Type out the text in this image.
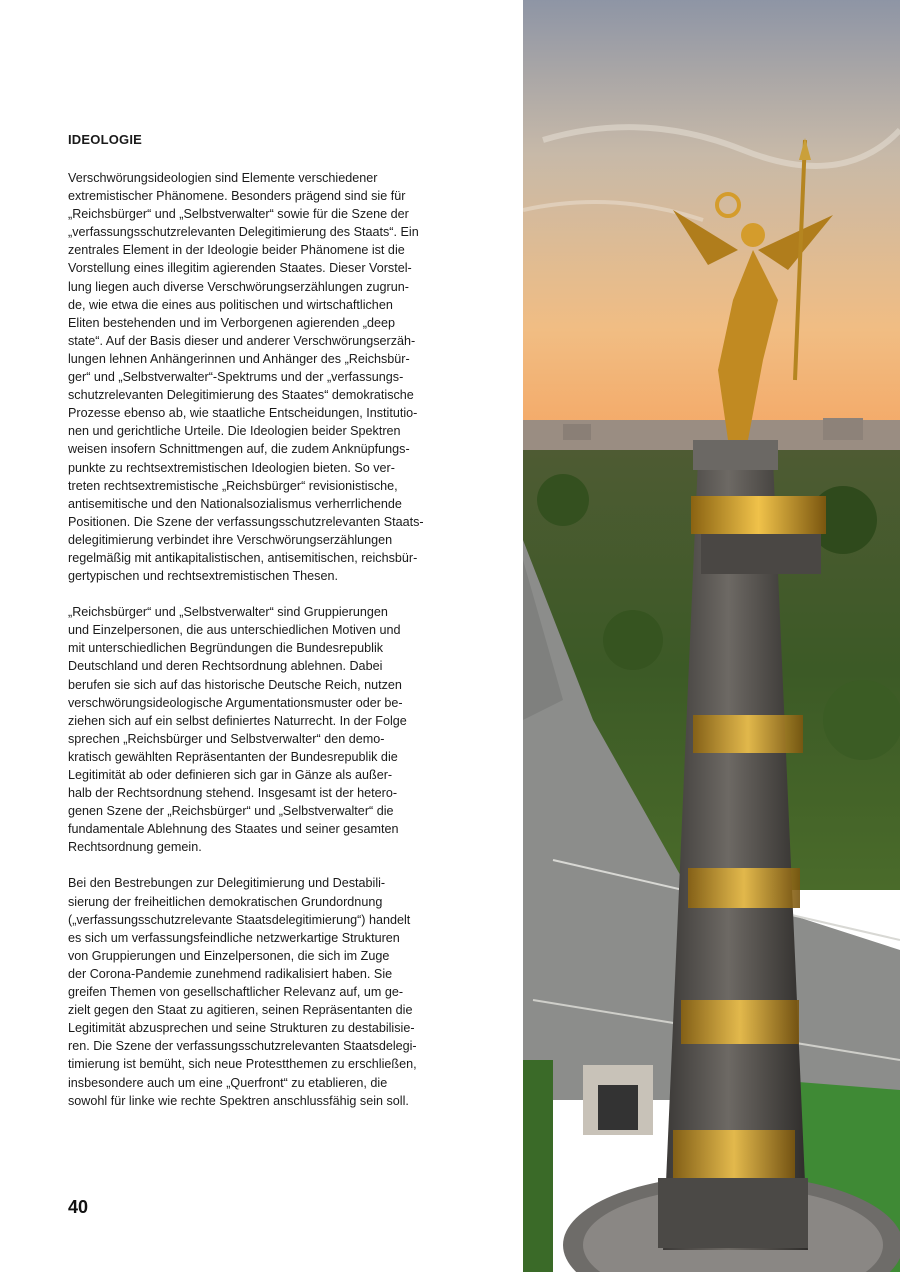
IDEOLOGIE
Verschwörungsideologien sind Elemente verschiedener
extremistischer Phänomene. Besonders prägend sind sie für
„Reichsbürger“ und „Selbstverwalter“ sowie für die Szene der
„verfassungsschutzrelevanten Delegitimierung des Staats“. Ein
zentrales Element in der Ideologie beider Phänomene ist die
Vorstellung eines illegitim agierenden Staates. Dieser Vorstel-
lung liegen auch diverse Verschwörungserzählungen zugrun-
de, wie etwa die eines aus politischen und wirtschaftlichen
Eliten bestehenden und im Verborgenen agierenden „deep
state“. Auf der Basis dieser und anderer Verschwörungserzäh-
lungen lehnen Anhängerinnen und Anhänger des „Reichsbür-
ger“ und „Selbstverwalter“-Spektrums und der „verfassungs-
schutzrelevanten Delegitimierung des Staates“ demokratische
Prozesse ebenso ab, wie staatliche Entscheidungen, Institutio-
nen und gerichtliche Urteile. Die Ideologien beider Spektren
weisen insofern Schnittmengen auf, die zudem Anknüpfungs-
punkte zu rechtsextremistischen Ideologien bieten. So ver-
treten rechtsextremistische „Reichsbürger“ revisionistische,
antisemitische und den Nationalsozialismus verherrlichende
Positionen. Die Szene der verfassungsschutzrelevanten Staats-
delegitimierung verbindet ihre Verschwörungserzählungen
regelmäßig mit antikapitalistischen, antisemitischen, reichsbür-
gertypischen und rechtsextremistischen Thesen.
„Reichsbürger“ und „Selbstverwalter“ sind Gruppierungen
und Einzelpersonen, die aus unterschiedlichen Motiven und
mit unterschiedlichen Begründungen die Bundesrepublik
Deutschland und deren Rechtsordnung ablehnen. Dabei
berufen sie sich auf das historische Deutsche Reich, nutzen
verschwörungsideologische Argumentationsmuster oder be-
ziehen sich auf ein selbst definiertes Naturrecht. In der Folge
sprechen „Reichsbürger und Selbstverwalter“ den demo-
kratisch gewählten Repräsentanten der Bundesrepublik die
Legitimität ab oder definieren sich gar in Gänze als außer-
halb der Rechtsordnung stehend. Insgesamt ist der hetero-
genen Szene der „Reichsbürger“ und „Selbstverwalter“ die
fundamentale Ablehnung des Staates und seiner gesamten
Rechtsordnung gemein.
Bei den Bestrebungen zur Delegitimierung und Destabili-
sierung der freiheitlichen demokratischen Grundordnung
(„verfassungsschutzrelevante Staatsdelegitimierung“) handelt
es sich um verfassungsfeindliche netzwerkartige Strukturen
von Gruppierungen und Einzelpersonen, die sich im Zuge
der Corona-Pandemie zunehmend radikalisiert haben. Sie
greifen Themen von gesellschaftlicher Relevanz auf, um ge-
zielt gegen den Staat zu agitieren, seinen Repräsentanten die
Legitimität abzusprechen und seine Strukturen zu destabilisie-
ren. Die Szene der verfassungsschutzrelevanten Staatsdelegi-
timierung ist bemüht, sich neue Protestthemen zu erschließen,
insbesondere auch um eine „Querfront“ zu etablieren, die
sowohl für linke wie rechte Spektren anschlussfähig sein soll.
40
